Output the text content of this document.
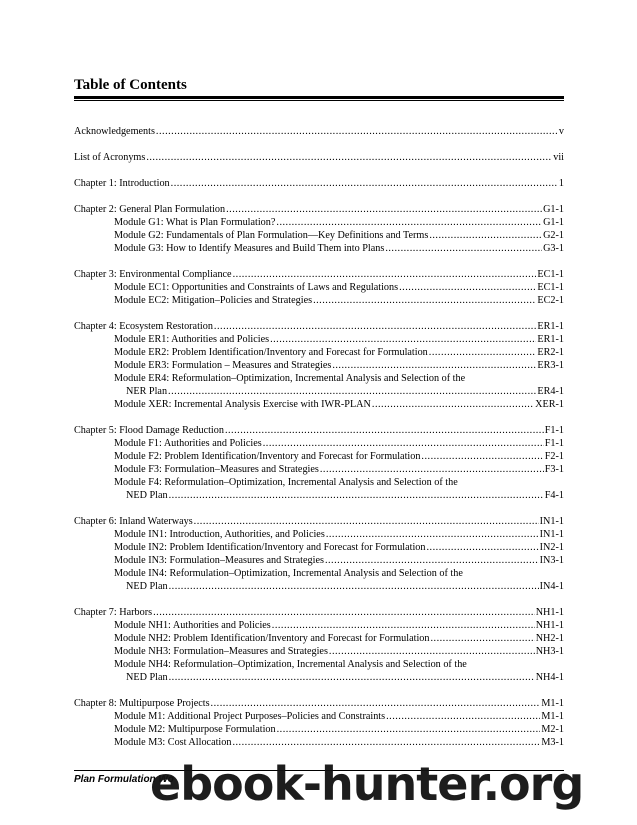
Table of Contents
Acknowledgements .....	v
List of Acronyms .....	vii
Chapter 1: Introduction .....	1
Chapter 2: General Plan Formulation .....	G1-1
Module G1: What is Plan Formulation? .....	G1-1
Module G2: Fundamentals of Plan Formulation—Key Definitions and Terms .....	G2-1
Module G3: How to Identify Measures and Build Them into Plans .....	G3-1
Chapter 3: Environmental Compliance .....	EC1-1
Module EC1: Opportunities and Constraints of Laws and Regulations .....	EC1-1
Module EC2: Mitigation–Policies and Strategies .....	EC2-1
Chapter 4: Ecosystem Restoration .....	ER1-1
Module ER1: Authorities and Policies .....	ER1-1
Module ER2: Problem Identification/Inventory and Forecast for Formulation .....	ER2-1
Module ER3: Formulation – Measures and Strategies .....	ER3-1
Module ER4: Reformulation–Optimization, Incremental Analysis and Selection of the
NER Plan .....	ER4-1
Module XER: Incremental Analysis Exercise with IWR-PLAN .....	XER-1
Chapter 5: Flood Damage Reduction .....	F1-1
Module F1: Authorities and Policies .....	F1-1
Module F2: Problem Identification/Inventory and Forecast for Formulation .....	F2-1
Module F3: Formulation–Measures and Strategies .....	F3-1
Module F4: Reformulation–Optimization, Incremental Analysis and Selection of the
NED Plan .....	F4-1
Chapter 6: Inland Waterways .....	IN1-1
Module IN1: Introduction, Authorities, and Policies .....	IN1-1
Module IN2: Problem Identification/Inventory and Forecast for Formulation .....	IN2-1
Module IN3: Formulation–Measures and Strategies .....	IN3-1
Module IN4: Reformulation–Optimization, Incremental Analysis and Selection of the
NED Plan .....	IN4-1
Chapter 7: Harbors .....	NH1-1
Module NH1: Authorities and Policies .....	NH1-1
Module NH2: Problem Identification/Inventory and Forecast for Formulation .....	NH2-1
Module NH3: Formulation–Measures and Strategies .....	NH3-1
Module NH4: Reformulation–Optimization, Incremental Analysis and Selection of the
NED Plan .....	NH4-1
Chapter 8: Multipurpose Projects .....	M1-1
Module M1: Additional Project Purposes–Policies and Constraints .....	M1-1
Module M2: Multipurpose Formulation .....	M2-1
Module M3: Cost Allocation .....	M3-1
Plan Formulation Wo
ebook-hunter.org
